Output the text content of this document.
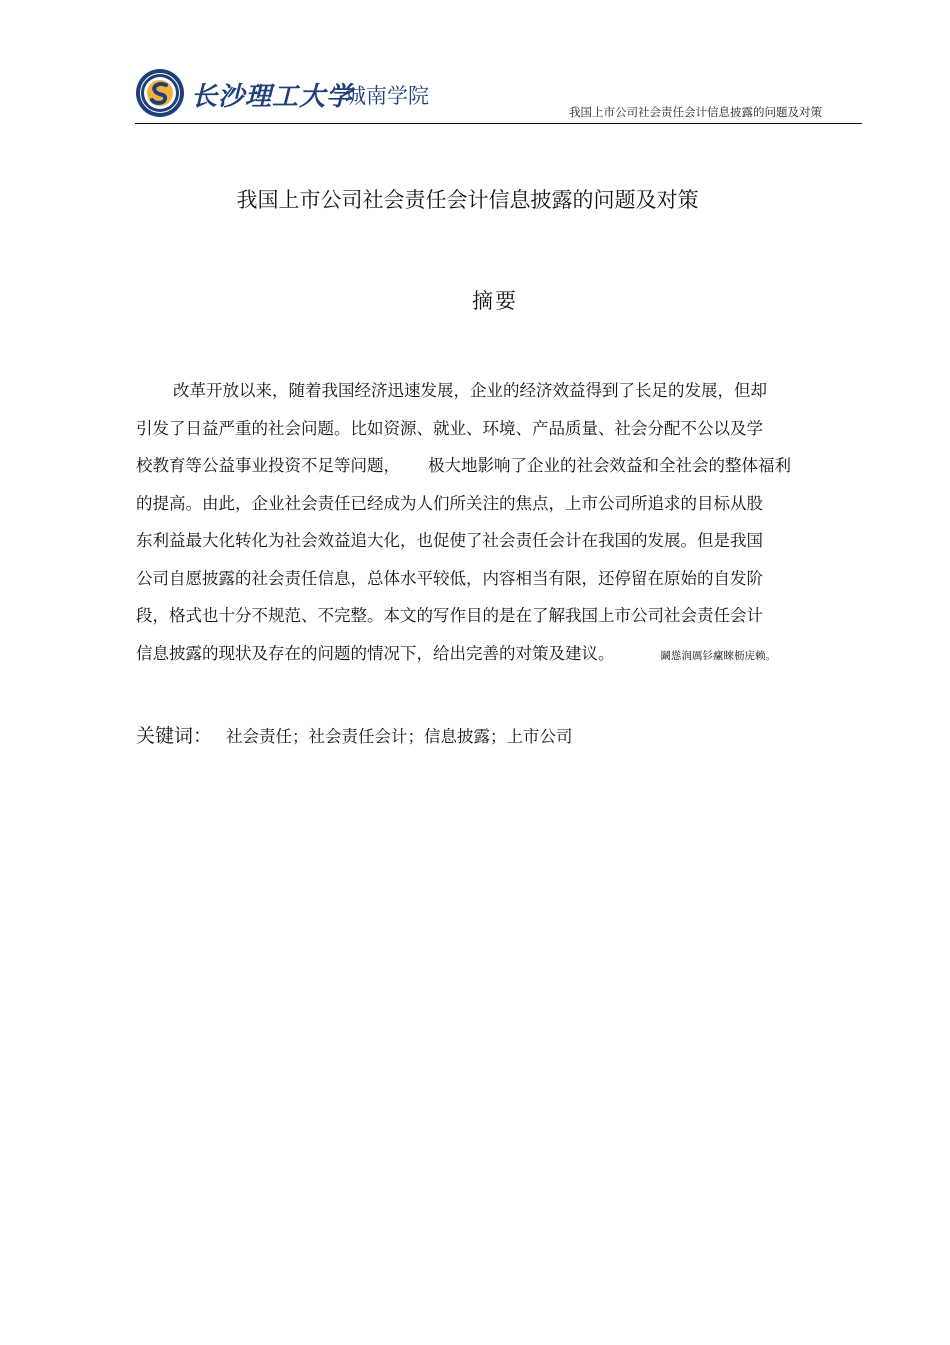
长沙理工大学
城南学院
我国上市公司社会责任会计信息披露的问题及对策
我国上市公司社会责任会计信息披露的问题及对策
摘要
改革开放以来，随着我国经济迅速发展，企业的经济效益得到了长足的发展，但却
引发了日益严重的社会问题。比如资源、就业、环境、产品质量、社会分配不公以及学
校教育等公益事业投资不足等问题， 极大地影响了企业的社会效益和全社会的整体福利
的提高。由此，企业社会责任已经成为人们所关注的焦点，上市公司所追求的目标从股
东利益最大化转化为社会效益追大化，也促使了社会责任会计在我国的发展。但是我国
公司自愿披露的社会责任信息，总体水平较低，内容相当有限，还停留在原始的自发阶
段，格式也十分不规范、不完整。本文的写作目的是在了解我国上市公司社会责任会计
信息披露的现状及存在的问题的情况下，给出完善的对策及建议。	鬫慫润厲钐瘰睞枥庑赖。
关键词： 社会责任；社会责任会计；信息披露；上市公司
